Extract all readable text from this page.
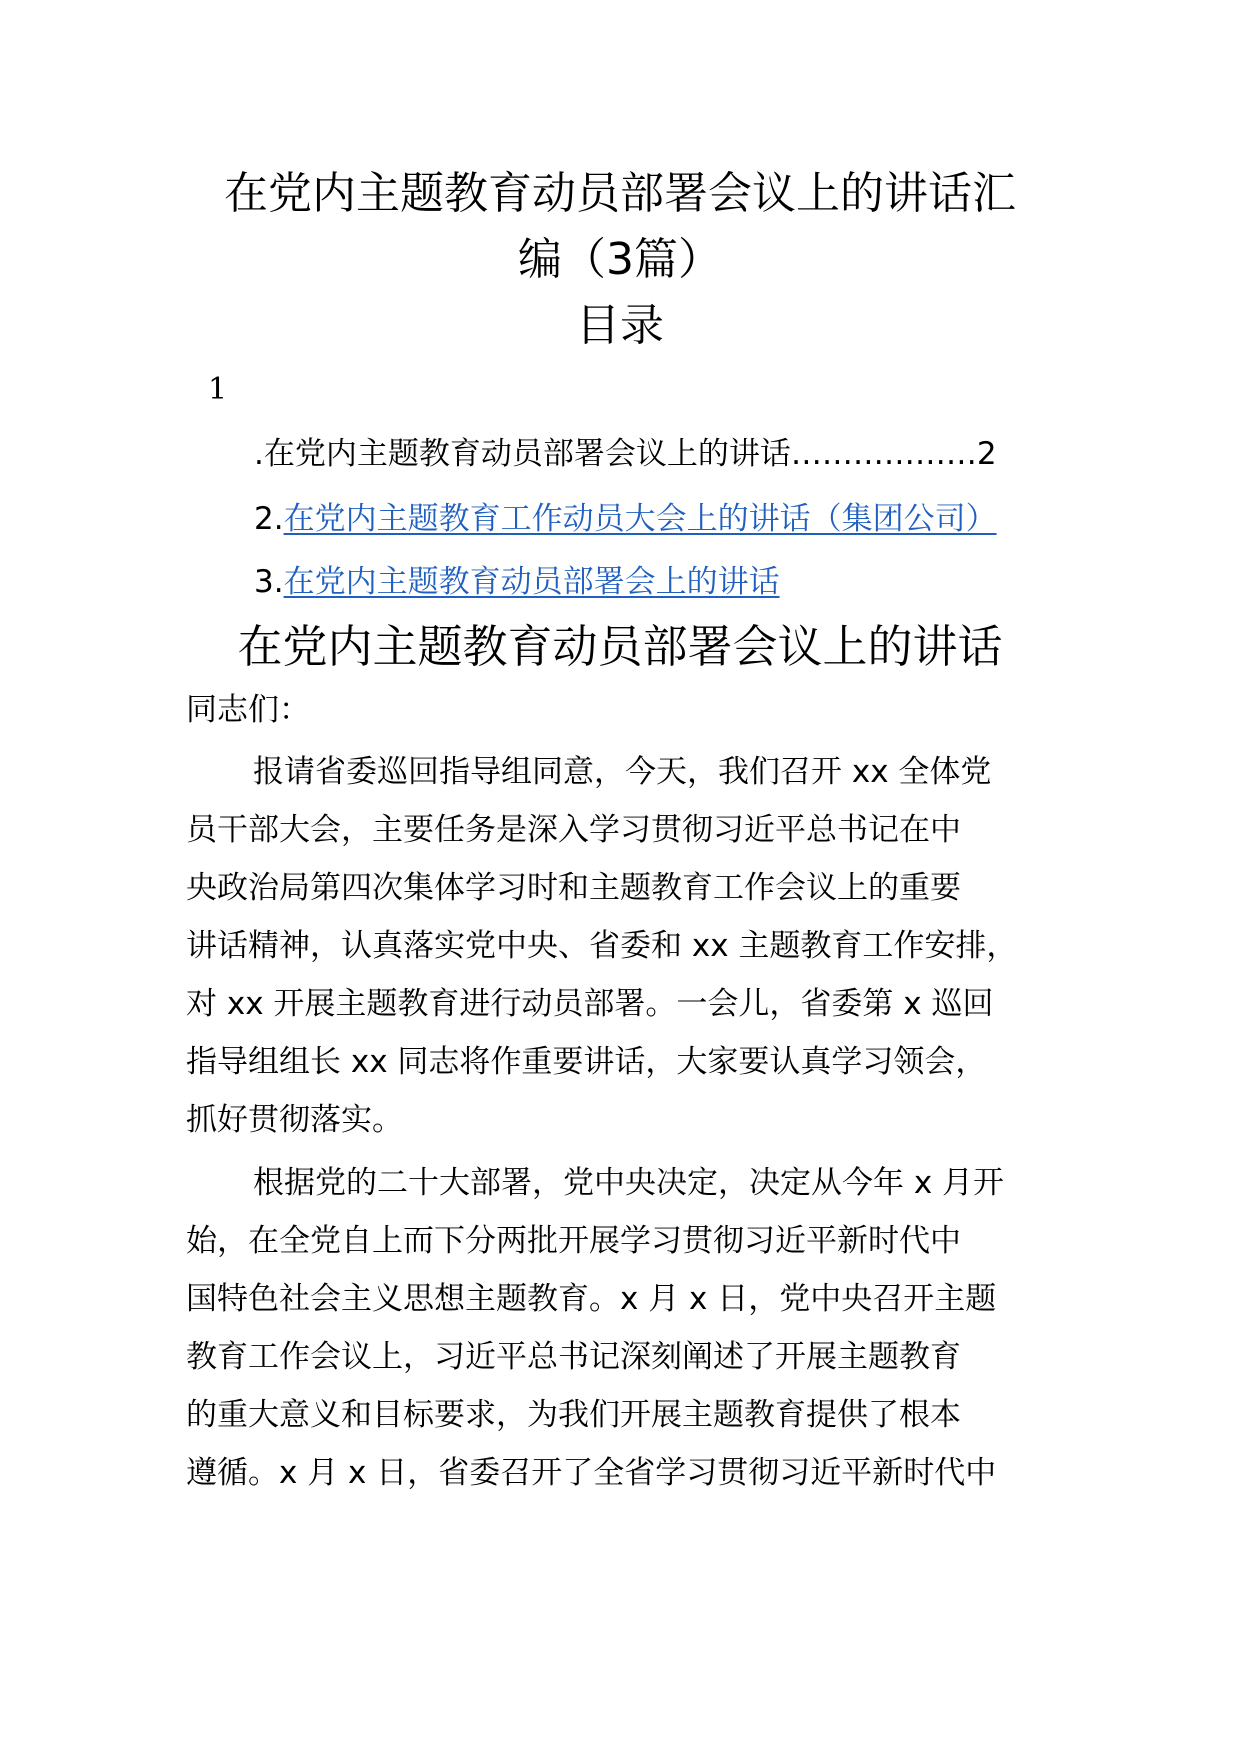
在党内主题教育动员部署会议上的讲话汇
编（3篇）
目录
1
.在党内主题教育动员部署会议上的讲话………………2
2.在党内主题教育工作动员大会上的讲话（集团公司）
3.在党内主题教育动员部署会上的讲话
在党内主题教育动员部署会议上的讲话
同志们：
报请省委巡回指导组同意，今天，我们召开 xx 全体党
员干部大会，主要任务是深入学习贯彻习近平总书记在中
央政治局第四次集体学习时和主题教育工作会议上的重要
讲话精神，认真落实党中央、省委和 xx 主题教育工作安排，
对 xx 开展主题教育进行动员部署。一会儿，省委第 x 巡回
指导组组长 xx 同志将作重要讲话，大家要认真学习领会，
抓好贯彻落实。
根据党的二十大部署，党中央决定，决定从今年 x 月开
始，在全党自上而下分两批开展学习贯彻习近平新时代中
国特色社会主义思想主题教育。x 月 x 日，党中央召开主题
教育工作会议上，习近平总书记深刻阐述了开展主题教育
的重大意义和目标要求，为我们开展主题教育提供了根本
遵循。x 月 x 日，省委召开了全省学习贯彻习近平新时代中
